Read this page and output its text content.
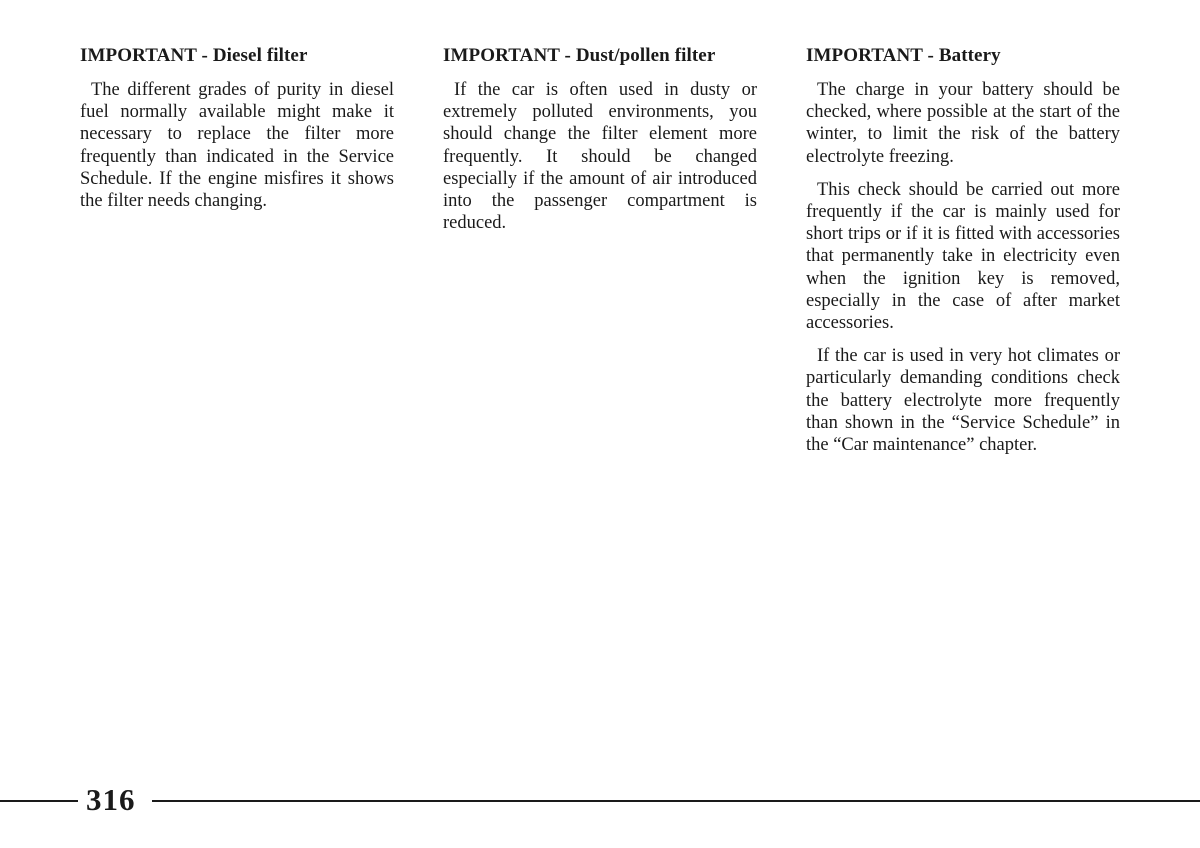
IMPORTANT - Diesel filter

The different grades of purity in diesel fuel normally available might make it necessary to replace the filter more frequently than indicated in the Service Schedule. If the engine misfires it shows the filter needs changing.

IMPORTANT - Dust/pollen filter

If the car is often used in dusty or extremely polluted environments, you should change the filter element more frequently. It should be changed especially if the amount of air introduced into the passenger compartment is reduced.

IMPORTANT - Battery

The charge in your battery should be checked, where possible at the start of the winter, to limit the risk of the battery electrolyte freezing.

This check should be carried out more frequently if the car is mainly used for short trips or if it is fitted with accessories that permanently take in electricity even when the ignition key is removed, especially in the case of after market accessories.

If the car is used in very hot climates or particularly demanding conditions check the battery electrolyte more frequently than shown in the “Service Schedule” in the “Car maintenance” chapter.

316
